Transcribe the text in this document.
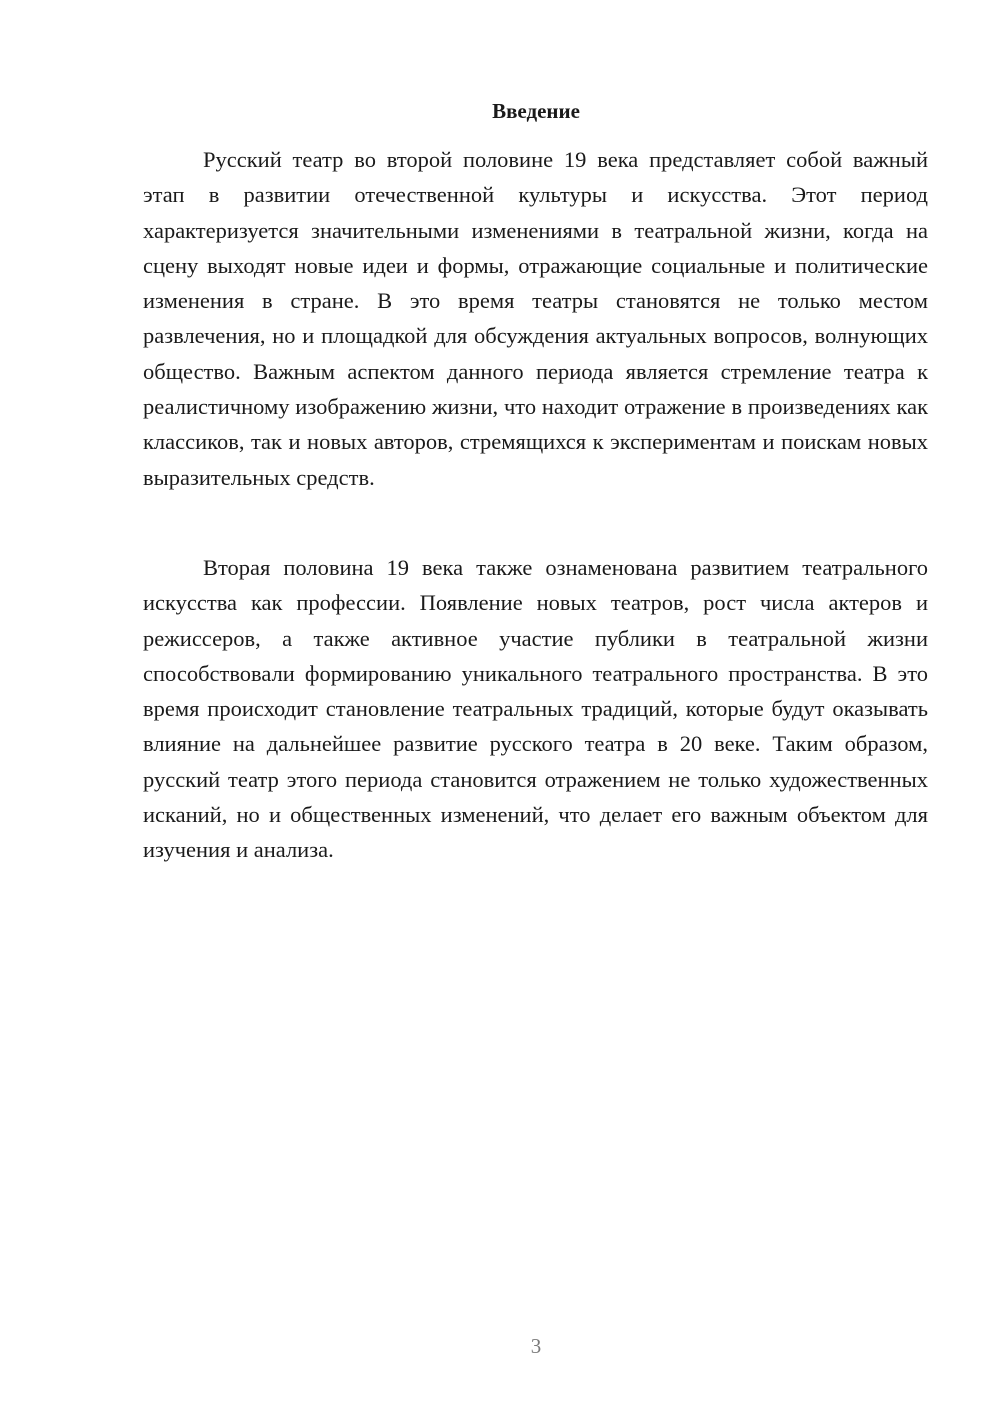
Введение

Русский театр во второй половине 19 века представляет собой важный этап в развитии отечественной культуры и искусства. Этот период характеризуется значительными изменениями в театральной жизни, когда на сцену выходят новые идеи и формы, отражающие социальные и политические изменения в стране. В это время театры становятся не только местом развлечения, но и площадкой для обсуждения актуальных вопросов, волнующих общество. Важным аспектом данного периода является стремление театра к реалистичному изображению жизни, что находит отражение в произведениях как классиков, так и новых авторов, стремящихся к экспериментам и поискам новых выразительных средств.

Вторая половина 19 века также ознаменована развитием театрального искусства как профессии. Появление новых театров, рост числа актеров и режиссеров, а также активное участие публики в театральной жизни способствовали формированию уникального театрального пространства. В это время происходит становление театральных традиций, которые будут оказывать влияние на дальнейшее развитие русского театра в 20 веке. Таким образом, русский театр этого периода становится отражением не только художественных исканий, но и общественных изменений, что делает его важным объектом для изучения и анализа.

3
